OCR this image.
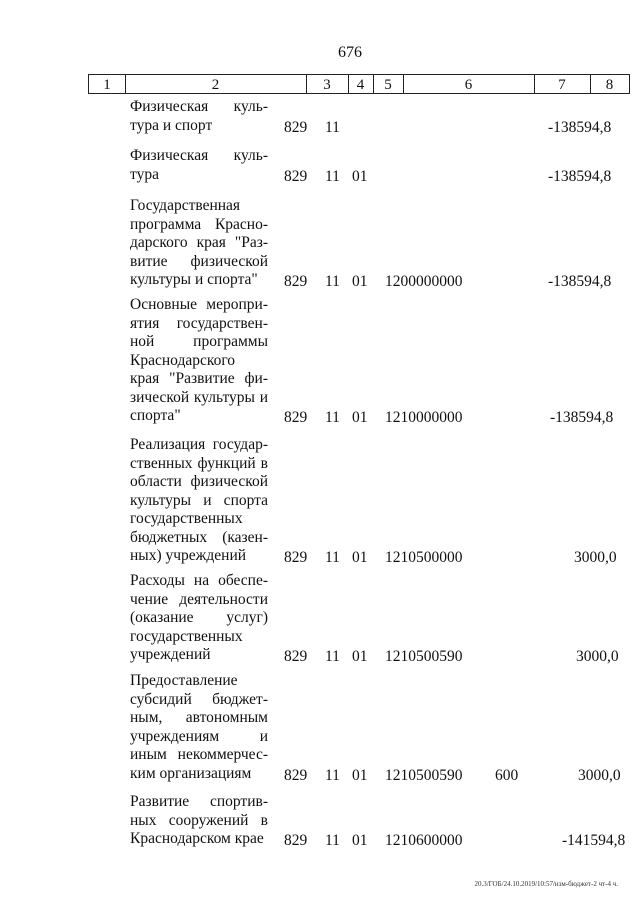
676
1	2	3	4	5	6	7	8
Физическая куль-
тура и спорт	829 11	-138594,8
Физическая куль-
тура	829 11 01	-138594,8
Государственная
программа Красно-
дарского края "Раз-
витие физической
культуры и спорта"	829 11 01 1200000000	-138594,8
Основные меропри-
ятия государствен-
ной программы
Краснодарского
края "Развитие фи-
зической культуры и
спорта"	829 11 01 1210000000	-138594,8
Реализация государ-
ственных функций в
области физической
культуры и спорта
государственных
бюджетных (казен-
ных) учреждений	829 11 01 1210500000	3000,0
Расходы на обеспе-
чение деятельности
(оказание услуг)
государственных
учреждений	829 11 01 1210500590	3000,0
Предоставление
субсидий бюджет-
ным, автономным
учреждениям и
иным некоммерчес-
ким организациям	829 11 01 1210500590 600	3000,0
Развитие спортив-
ных сооружений в
Краснодарском крае 829 11 01 1210600000	-141594,8
20.3/ГОБ/24.10.2019/10:57/изм-бюджет-2 чт-4 ч.
